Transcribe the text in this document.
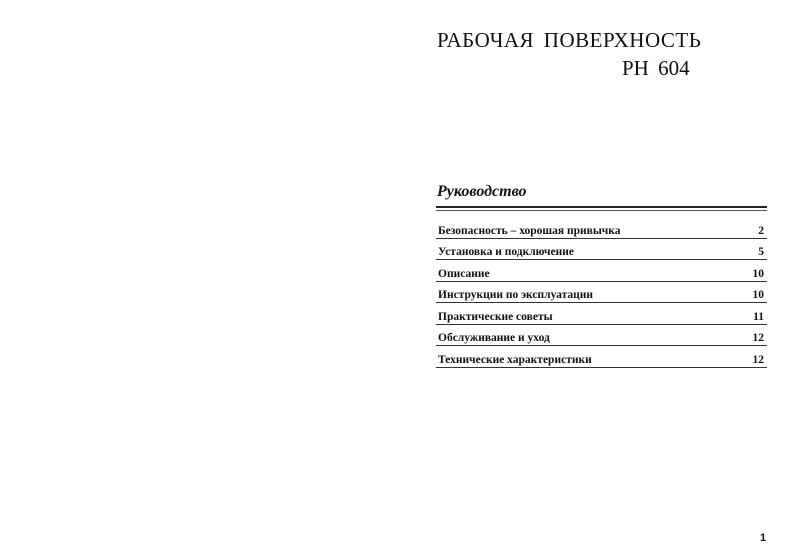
РАБОЧАЯ ПОВЕРХНОСТЬ
PH 604
Руководство
Безопасность – хорошая привычка	2
Установка и подключение	5
Описание	10
Инструкции по эксплуатации	10
Практические советы	11
Обслуживание и уход	12
Технические характеристики	12
1
